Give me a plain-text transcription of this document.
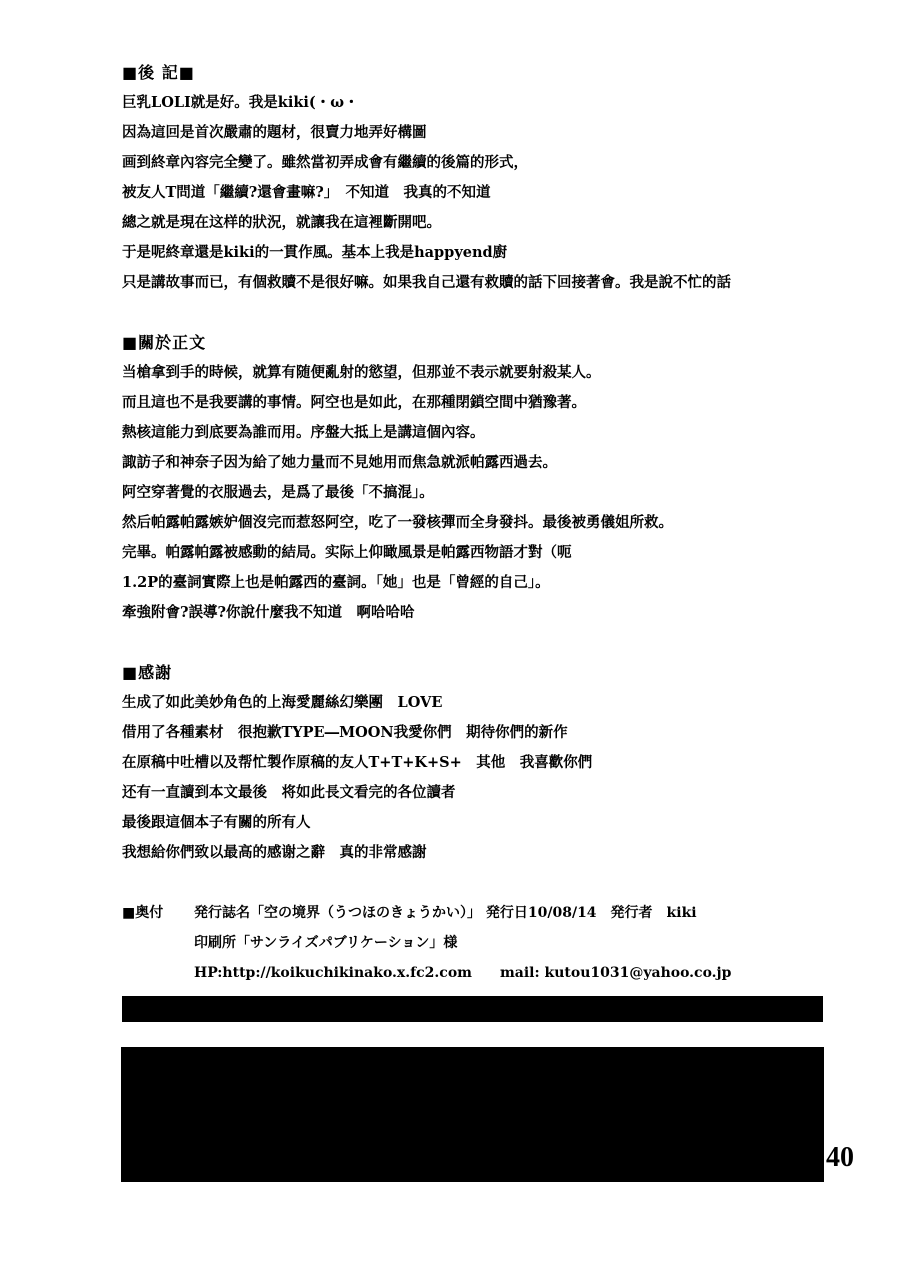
■後 記■
巨乳LOLI就是好。我是kiki(・ω・
因為這回是首次嚴肅的題材，很賣力地弄好構圖
画到終章內容完全變了。雖然當初弄成會有繼續的後篇的形式，
被友人T問道「繼續?還會畫嘛?」　不知道　我真的不知道
總之就是現在这样的狀況，就讓我在這裡斷開吧。
于是呢終章還是kiki的一貫作風。基本上我是happyend廚
只是講故事而已，有個救贖不是很好嘛。如果我自己還有救贖的話下回接著會。我是說不忙的話
■關於正文
当槍拿到手的時候，就算有随便亂射的慾望，但那並不表示就要射殺某人。
而且這也不是我要講的事情。阿空也是如此，在那種閉鎖空間中猶豫著。
熱核這能力到底要為誰而用。序盤大抵上是講這個內容。
諏訪子和神奈子因为給了她力量而不見她用而焦急就派帕露西過去。
阿空穿著覺的衣服過去，是爲了最後「不搞混」。
然后帕露帕露嫉妒個沒完而惹怒阿空，吃了一發核彈而全身發抖。最後被勇儀姐所救。
完畢。帕露帕露被感動的結局。实际上仰瞰風景是帕露西物語才對（呃
1.2P的臺詞實際上也是帕露西的臺詞。「她」也是「曾經的自己」。
牽強附會?誤導?你說什麼我不知道　啊哈哈哈
■感謝
生成了如此美妙角色的上海愛麗絲幻樂團　LOVE
借用了各種素材　很抱歉TYPE―MOON我愛你們　期待你們的新作
在原稿中吐槽以及帮忙製作原稿的友人T+T+K+S+　其他　我喜歡你們
还有一直讀到本文最後　将如此長文看完的各位讀者
最後跟這個本子有關的所有人
我想給你們致以最高的感谢之辭　真的非常感謝
■奥付 発行誌名「空の境界（うつほのきょうかい）」 発行日10/08/14　発行者　kiki
印刷所「サンライズパブリケーション」様
HP:http://koikuchikinako.x.fc2.com　　mail: kutou1031@yahoo.co.jp
40
